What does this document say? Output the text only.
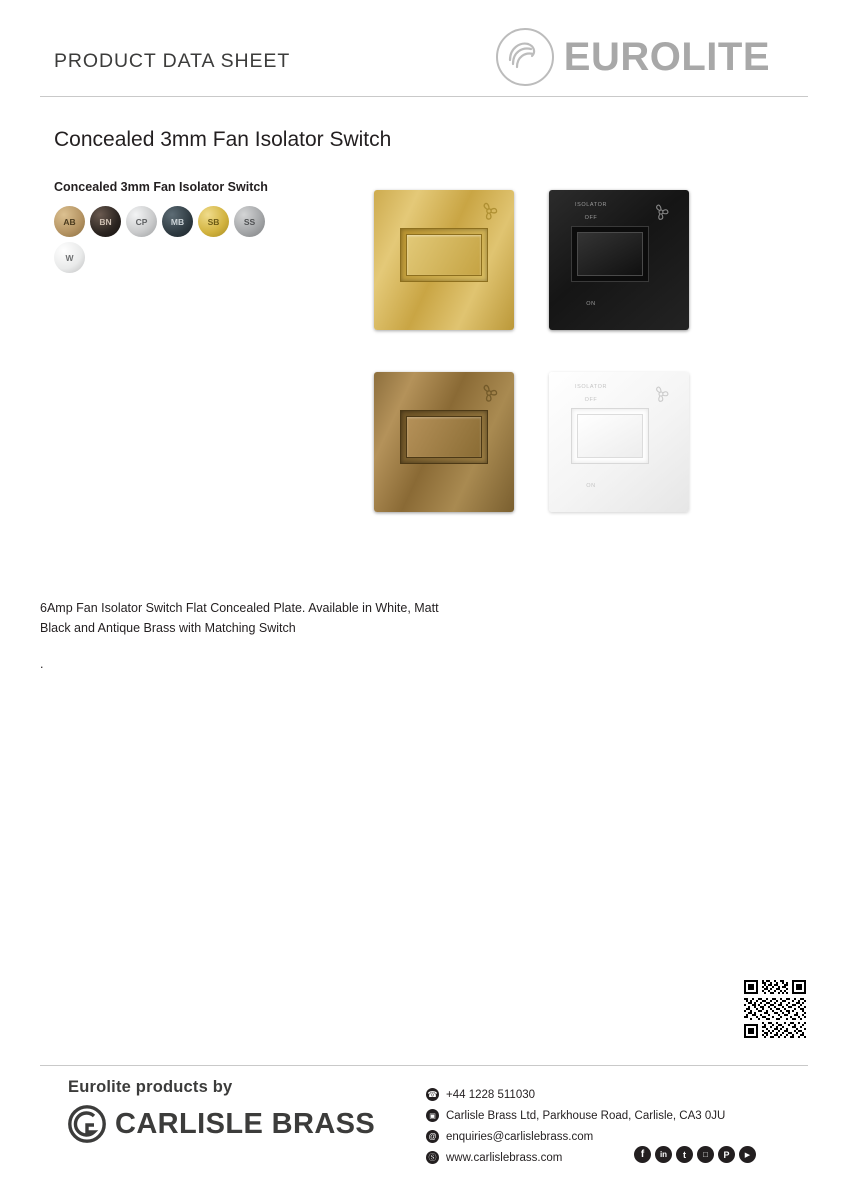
PRODUCT DATA SHEET	EUROLITE
Concealed 3mm Fan Isolator Switch
Concealed 3mm Fan Isolator Switch
AB	BN	CP	MB	SB	SS
W
ISOLATOR
OFF
ON
ISOLATOR
OFF
ON
6Amp Fan Isolator Switch Flat Concealed Plate. Available in White, Matt Black and Antique Brass with Matching Switch
.
Eurolite products by
CARLISLE BRASS
☎ +44 1228 511030
▣ Carlisle Brass Ltd, Parkhouse Road, Carlisle, CA3 0JU
@ enquiries@carlislebrass.com
Ⓢ www.carlislebrass.com	f in t □ P ▶
